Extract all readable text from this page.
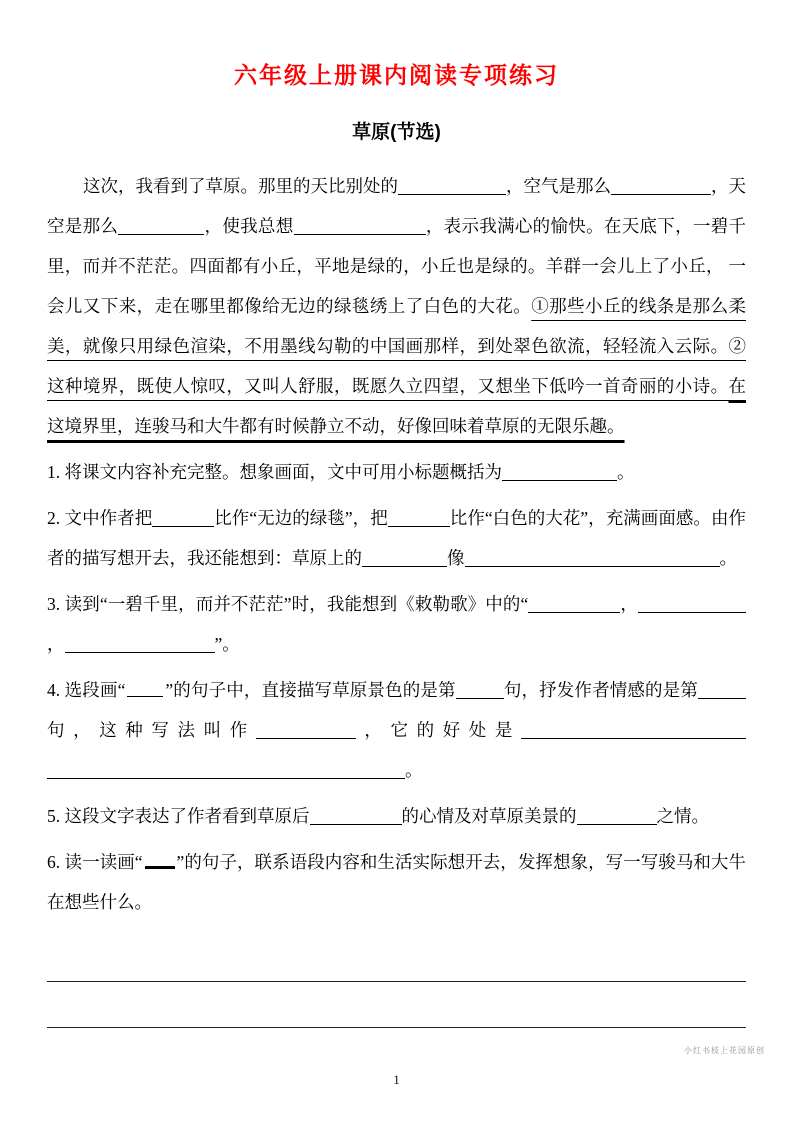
六年级上册课内阅读专项练习
草原(节选)
这次，我看到了草原。那里的天比别处的	，空气是那么	，天空是那么	，使我总想	，表示我满心的愉快。在天底下，一碧千里，而并不茫茫。四面都有小丘，平地是绿的，小丘也是绿的。羊群一会儿上了小丘， 一会儿又下来，走在哪里都像给无边的绿毯绣上了白色的大花。①那些小丘的线条是那么柔美，就像只用绿色渲染，不用墨线勾勒的中国画那样，到处翠色欲流，轻轻流入云际。②这种境界，既使人惊叹，又叫人舒服，既愿久立四望，又想坐下低吟一首奇丽的小诗。在这境界里，连骏马和大牛都有时候静立不动，好像回味着草原的无限乐趣。
1. 将课文内容补充完整。想象画面，文中可用小标题概括为	。
2. 文中作者把	比作“无边的绿毯”，把	比作“白色的大花”，充满画面感。由作者的描写想开去，我还能想到：草原上的	像	。
3. 读到“一碧千里，而并不茫茫”时，我能想到《敕勒歌》中的“	，，	”。
4. 选段画“ ”的句子中，直接描写草原景色的是第	句，抒发作者情感的是第句，这种写法叫作	，它的好处是。
5. 这段文字表达了作者看到草原后	的心情及对草原美景的	之情。
6. 读一读画“ ”的句子，联系语段内容和生活实际想开去，发挥想象，写一写骏马和大牛在想些什么。
小红书枝上花园原创
1
